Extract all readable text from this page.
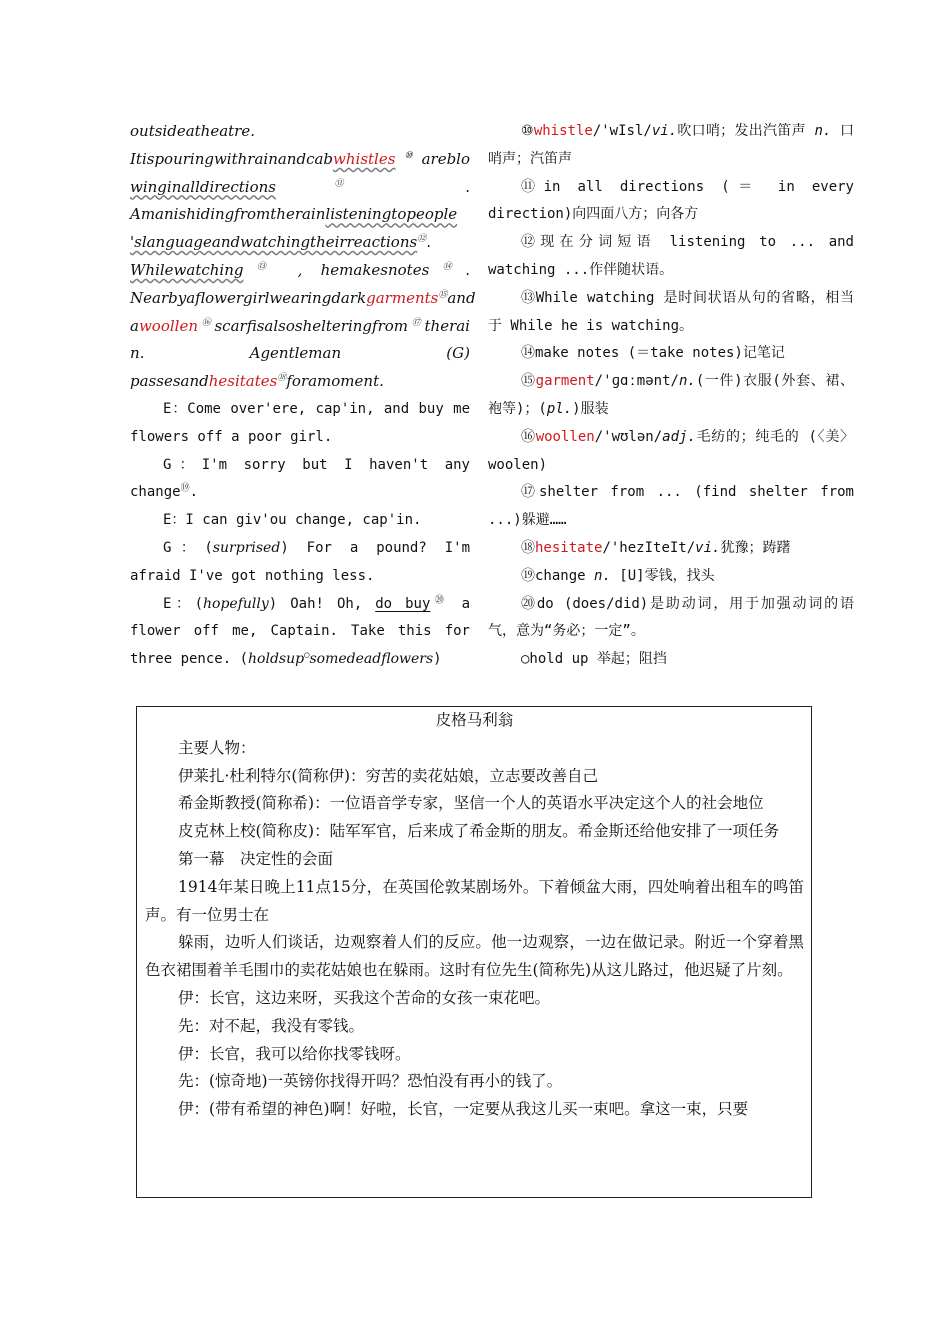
outsideatheatre.
Itispouringwithrainandcabwhistles⑩areblo
winginalldirections⑪	.
Amanishidingfromtherainlisteningtopeople
'slanguageandwatchingtheirreactions⑫.
Whilewatching⑬ , hemakesnotes⑭.
Nearbyaflowergirlwearingdarkgarments⑮and
awoollen⑯scarfisalsoshelteringfrom⑰therai
n.	Agentleman	(G)
passesandhesitates⑱foramoment.
E：Come over'ere, cap'in, and buy me flowers off a poor girl.
G：I'm sorry but I haven't any change⑲.
E：I can giv'ou change, cap'in.
G：(surprised) For a pound? I'm afraid I've got nothing less.
E：(hopefully) Oah! Oh, do buy⑳ a flower off me, Captain. Take this for three pence. (holdsup○somedeadflowers)
⑩whistle/'wIsl/vi.吹口哨；发出汽笛声 n. 口哨声；汽笛声
⑪in all directions (＝ in every direction)向四面八方；向各方
⑫现在分词短语 listening to ... and watching ...作伴随状语。
⑬While watching 是时间状语从句的省略，相当于 While he is watching。
⑭make notes (＝take notes)记笔记
⑮garment/'ɡɑːmənt/n.(一件)衣服(外套、裙、袍等)；(pl.)服装
⑯woollen/'wʊlən/adj.毛纺的；纯毛的 (〈美〉 woolen)
⑰shelter from ... (find shelter from ...)躲避……
⑱hesitate/'hezIteIt/vi.犹豫；踌躇
⑲change n. [U]零钱，找头
⑳do (does/did)是助动词，用于加强动词的语气，意为“务必；一定”。
○hold up 举起；阻挡
皮格马利翁

主要人物：

伊莱扎·杜利特尔(简称伊)：穷苦的卖花姑娘，立志要改善自己

希金斯教授(简称希)：一位语音学专家，坚信一个人的英语水平决定这个人的社会地位

皮克林上校(简称皮)：陆军军官，后来成了希金斯的朋友。希金斯还给他安排了一项任务

第一幕　决定性的会面

1914年某日晚上11点15分，在英国伦敦某剧场外。下着倾盆大雨，四处响着出租车的鸣笛声。有一位男士在

躲雨，边听人们谈话，边观察着人们的反应。他一边观察，一边在做记录。附近一个穿着黑色衣裙围着羊毛围巾的卖花姑娘也在躲雨。这时有位先生(简称先)从这儿路过，他迟疑了片刻。

伊：长官，这边来呀，买我这个苦命的女孩一束花吧。

先：对不起，我没有零钱。

伊：长官，我可以给你找零钱呀。

先：(惊奇地)一英镑你找得开吗？恐怕没有再小的钱了。

伊：(带有希望的神色)啊！好啦，长官，一定要从我这儿买一束吧。拿这一束，只要
